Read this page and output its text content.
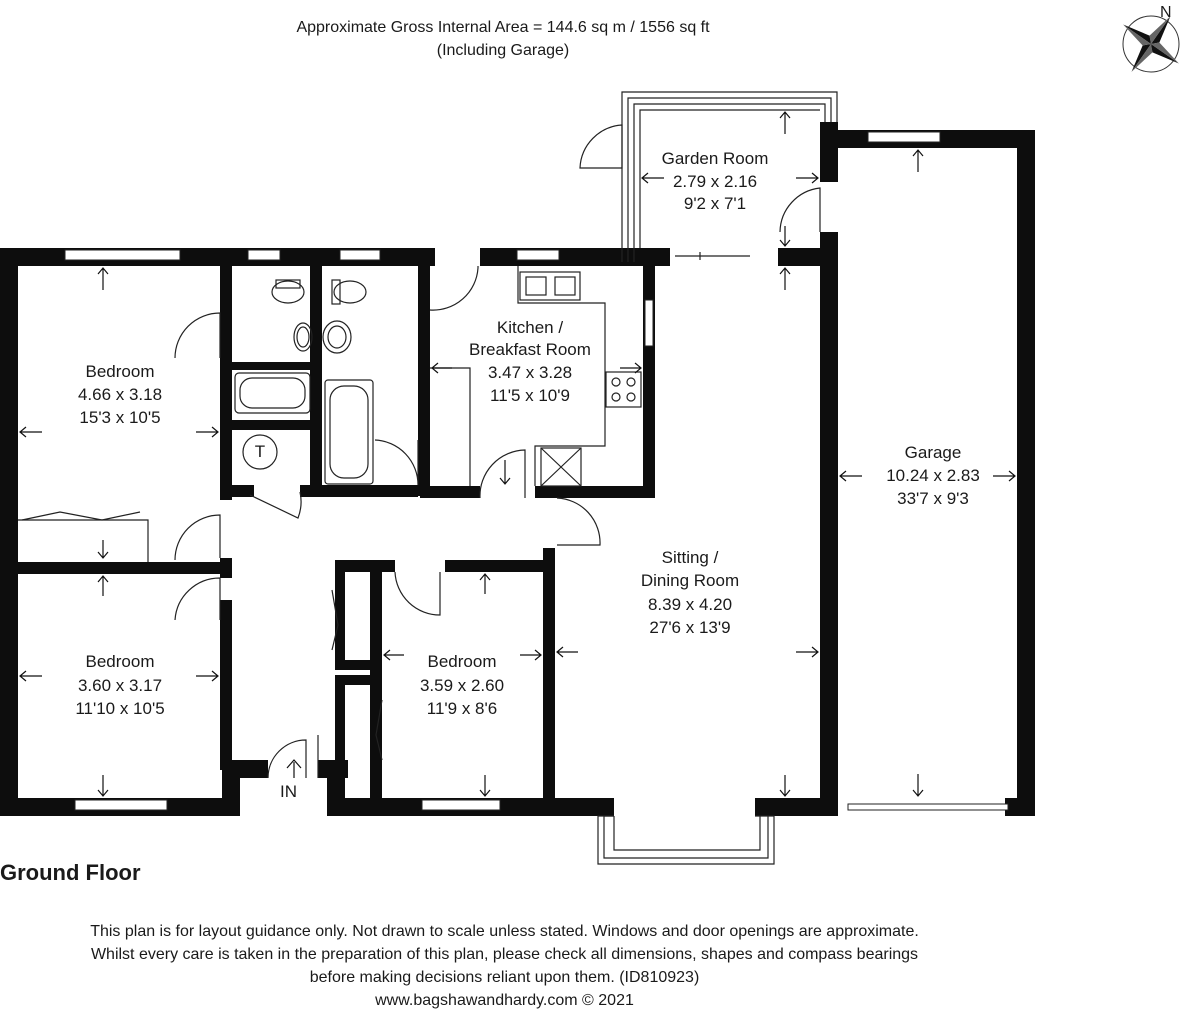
Approximate Gross Internal Area = 144.6 sq m / 1556 sq ft
(Including Garage)
N
Garden Room
2.79 x 2.16
9'2 x 7'1
Kitchen /
Breakfast Room
3.47 x 3.28
11'5 x 10'9
Bedroom
4.66 x 3.18
15'3 x 10'5
T
Bedroom
3.60 x 3.17
11'10 x 10'5
Bedroom
3.59 x 2.60
11'9 x 8'6
Sitting /
Dining Room
8.39 x 4.20
27'6 x 13'9
Garage
10.24 x 2.83
33'7 x 9'3
IN
Ground Floor
This plan is for layout guidance only. Not drawn to scale unless stated. Windows and door openings are approximate.
Whilst every care is taken in the preparation of this plan, please check all dimensions, shapes and compass bearings
before making decisions reliant upon them. (ID810923)
www.bagshawandhardy.com © 2021
